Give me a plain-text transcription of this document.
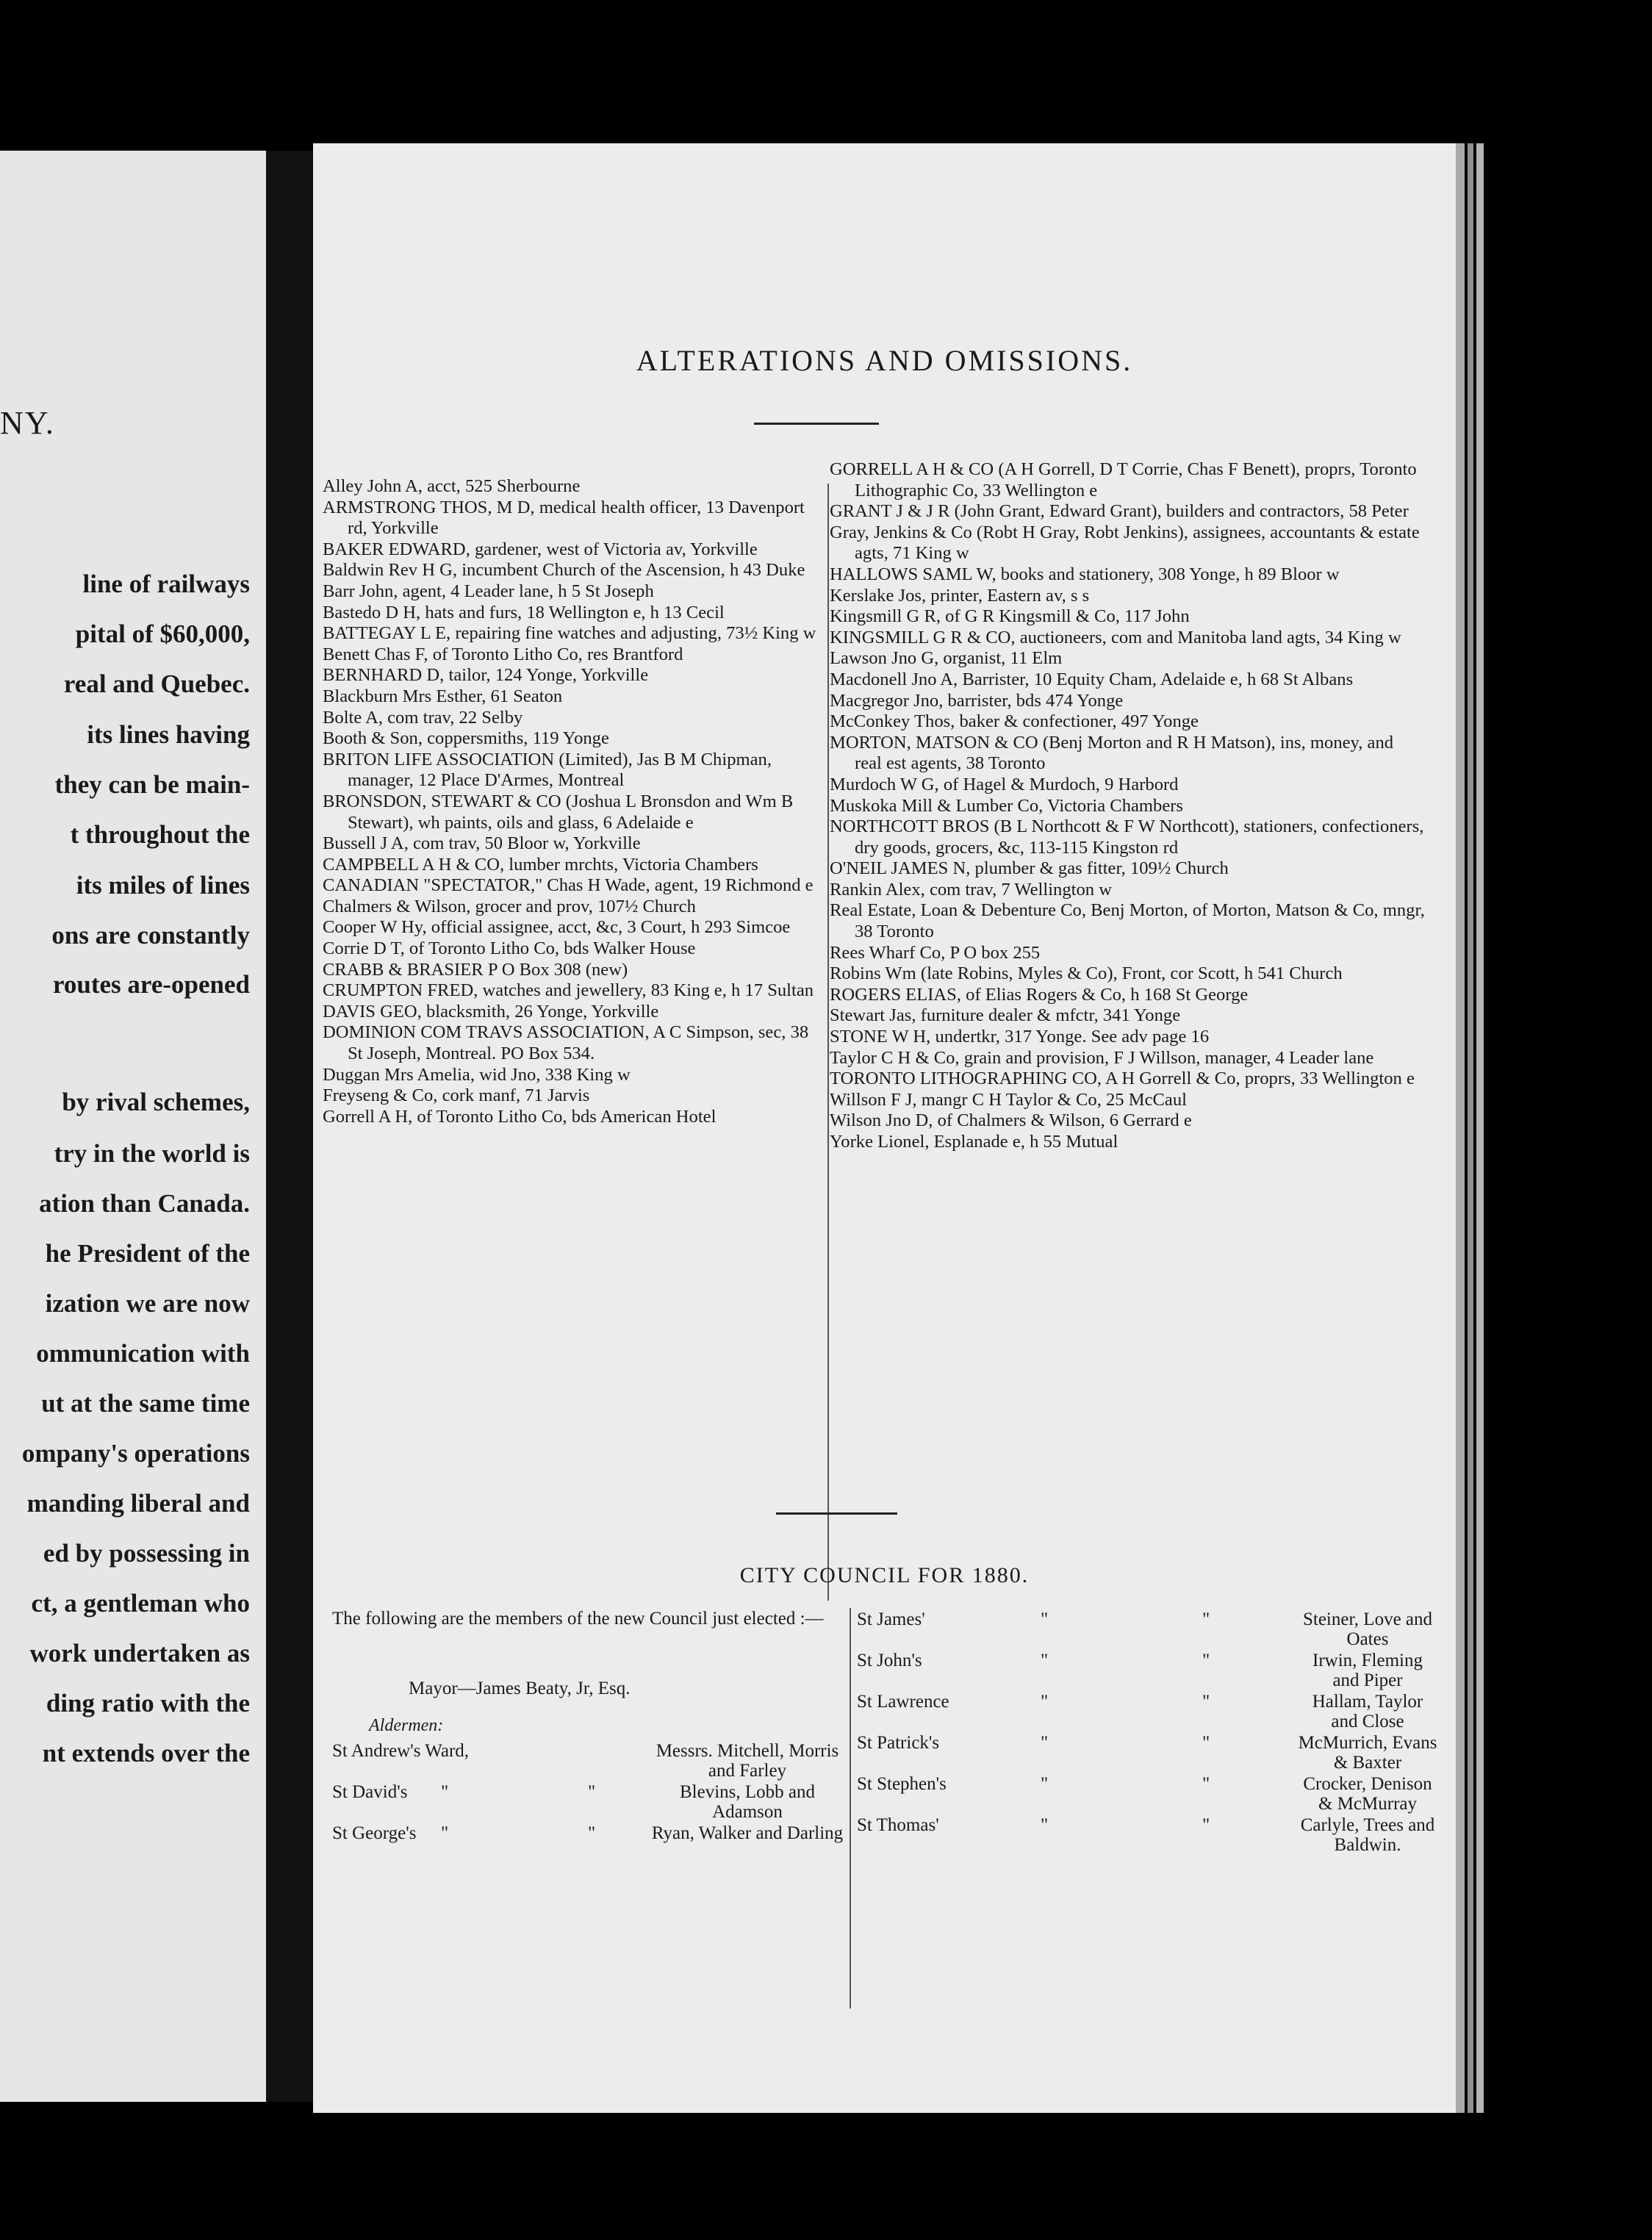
NY.
line of railways
pital of $60,000,
real and Quebec.
its lines having
they can be main-
t throughout the
its miles of lines
ons are constantly
routes are-opened
by rival schemes,
try in the world is
ation than Canada.
he President of the
ization we are now
ommunication with
ut at the same time
ompany's operations
manding liberal and
ed by possessing in
ct, a gentleman who
work undertaken as
ding ratio with the
nt extends over the
ALTERATIONS AND OMISSIONS.

Alley John A, acct, 525 Sherbourne

ARMSTRONG THOS, M D, medical health officer, 13 Davenport rd, Yorkville

BAKER EDWARD, gardener, west of Victoria av, Yorkville

Baldwin Rev H G, incumbent Church of the Ascension, h 43 Duke

Barr John, agent, 4 Leader lane, h 5 St Joseph

Bastedo D H, hats and furs, 18 Wellington e, h 13 Cecil

BATTEGAY L E, repairing fine watches and adjusting, 73½ King w

Benett Chas F, of Toronto Litho Co, res Brantford

BERNHARD D, tailor, 124 Yonge, Yorkville

Blackburn Mrs Esther, 61 Seaton

Bolte A, com trav, 22 Selby

Booth & Son, coppersmiths, 119 Yonge

BRITON LIFE ASSOCIATION (Limited), Jas B M Chipman, manager, 12 Place D'Armes, Montreal

BRONSDON, STEWART & CO (Joshua L Bronsdon and Wm B Stewart), wh paints, oils and glass, 6 Adelaide e

Bussell J A, com trav, 50 Bloor w, Yorkville

CAMPBELL A H & CO, lumber mrchts, Victoria Chambers

CANADIAN "SPECTATOR," Chas H Wade, agent, 19 Richmond e

Chalmers & Wilson, grocer and prov, 107½ Church

Cooper W Hy, official assignee, acct, &c, 3 Court, h 293 Simcoe

Corrie D T, of Toronto Litho Co, bds Walker House

CRABB & BRASIER P O Box 308 (new)

CRUMPTON FRED, watches and jewellery, 83 King e, h 17 Sultan

DAVIS GEO, blacksmith, 26 Yonge, Yorkville

DOMINION COM TRAVS ASSOCIATION, A C Simpson, sec, 38 St Joseph, Montreal. PO Box 534.

Duggan Mrs Amelia, wid Jno, 338 King w

Freyseng & Co, cork manf, 71 Jarvis

Gorrell A H, of Toronto Litho Co, bds American Hotel

GORRELL A H & CO (A H Gorrell, D T Corrie, Chas F Benett), proprs, Toronto Lithographic Co, 33 Wellington e

GRANT J & J R (John Grant, Edward Grant), builders and contractors, 58 Peter

Gray, Jenkins & Co (Robt H Gray, Robt Jenkins), assignees, accountants & estate agts, 71 King w

HALLOWS SAML W, books and stationery, 308 Yonge, h 89 Bloor w

Kerslake Jos, printer, Eastern av, s s

Kingsmill G R, of G R Kingsmill & Co, 117 John

KINGSMILL G R & CO, auctioneers, com and Manitoba land agts, 34 King w

Lawson Jno G, organist, 11 Elm

Macdonell Jno A, Barrister, 10 Equity Cham, Adelaide e, h 68 St Albans

Macgregor Jno, barrister, bds 474 Yonge

McConkey Thos, baker & confectioner, 497 Yonge

MORTON, MATSON & CO (Benj Morton and R H Matson), ins, money, and real est agents, 38 Toronto

Murdoch W G, of Hagel & Murdoch, 9 Harbord

Muskoka Mill & Lumber Co, Victoria Chambers

NORTHCOTT BROS (B L Northcott & F W Northcott), stationers, confectioners, dry goods, grocers, &c, 113-115 Kingston rd

O'NEIL JAMES N, plumber & gas fitter, 109½ Church

Rankin Alex, com trav, 7 Wellington w

Real Estate, Loan & Debenture Co, Benj Morton, of Morton, Matson & Co, mngr, 38 Toronto

Rees Wharf Co, P O box 255

Robins Wm (late Robins, Myles & Co), Front, cor Scott, h 541 Church

ROGERS ELIAS, of Elias Rogers & Co, h 168 St George

Stewart Jas, furniture dealer & mfctr, 341 Yonge

STONE W H, undertkr, 317 Yonge. See adv page 16

Taylor C H & Co, grain and provision, F J Willson, manager, 4 Leader lane

TORONTO LITHOGRAPHING CO, A H Gorrell & Co, proprs, 33 Wellington e

Willson F J, mangr C H Taylor & Co, 25 McCaul

Wilson Jno D, of Chalmers & Wilson, 6 Gerrard e

Yorke Lionel, Esplanade e, h 55 Mutual

CITY COUNCIL FOR 1880.
The following are the members of the new Council just elected :—
Mayor—James Beaty, Jr, Esq.
Aldermen:
St Andrew's Ward,	Messrs. Mitchell, Morris and Farley
St David's "	"	Blevins, Lobb and Adamson
St George's "	"	Ryan, Walker and Darling
St James'	"	"	Steiner, Love and Oates
St John's	"	"	Irwin, Fleming and Piper
St Lawrence	"	"	Hallam, Taylor and Close
St Patrick's	"	"	McMurrich, Evans & Baxter
St Stephen's	"	"	Crocker, Denison & McMurray
St Thomas'	"	"	Carlyle, Trees and Baldwin.
